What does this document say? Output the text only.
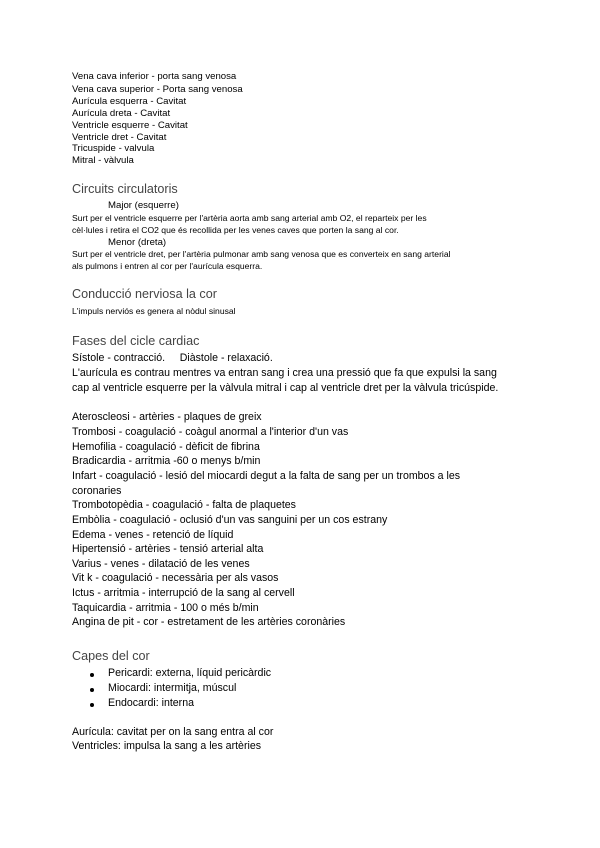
Vena cava inferior - porta sang venosa
Vena cava superior - Porta sang venosa
Aurícula esquerra - Cavitat
Aurícula dreta - Cavitat
Ventricle esquerre - Cavitat
Ventricle dret - Cavitat
Tricuspide - valvula
Mitral - vàlvula
Circuits circulatoris
Major (esquerre)
Surt per el ventricle esquerre per l'artèria aorta amb sang arterial amb O2, el reparteix per les
cèl·lules i retira el CO2 que és recollida per les venes caves que porten la sang al cor.
Menor (dreta)
Surt per el ventricle dret, per l'artèria pulmonar amb sang venosa que es converteix en sang arterial
als pulmons i entren al cor per l'aurícula esquerra.
Conducció nerviosa la cor
L'impuls nerviós es genera al nòdul sinusal
Fases del cicle cardiac
Sístole - contracció.     Diàstole - relaxació.
L'aurícula es contrau mentres va entran sang i crea una pressió que fa que expulsi la sang
cap al ventricle esquerre per la vàlvula mitral i cap al ventricle dret per la vàlvula tricúspide.
Ateroscleosi - artèries - plaques de greix
Trombosi - coagulació - coàgul anormal a l'interior d'un vas
Hemofilia - coagulació - dèficit de fibrina
Bradicardia - arritmia -60 o menys b/min
Infart - coagulació - lesió del miocardi degut a la falta de sang per un trombos a les
coronaries
Trombotopèdia - coagulació - falta de plaquetes
Embòlia - coagulació - oclusió d'un vas sanguini per un cos estrany
Edema - venes - retenció de líquid
Hipertensió - artèries - tensió arterial alta
Varius - venes - dilatació de les venes
Vit k - coagulació - necessària per als vasos
Ictus - arritmia - interrupció de la sang al cervell
Taquicardia - arritmia - 100 o més b/min
Angina de pit - cor - estretament de les artèries coronàries
Capes del cor
Pericardi: externa, líquid pericàrdic
Miocardi: intermitja, múscul
Endocardi: interna
Aurícula: cavitat per on la sang entra al cor
Ventricles: impulsa la sang a les artèries
